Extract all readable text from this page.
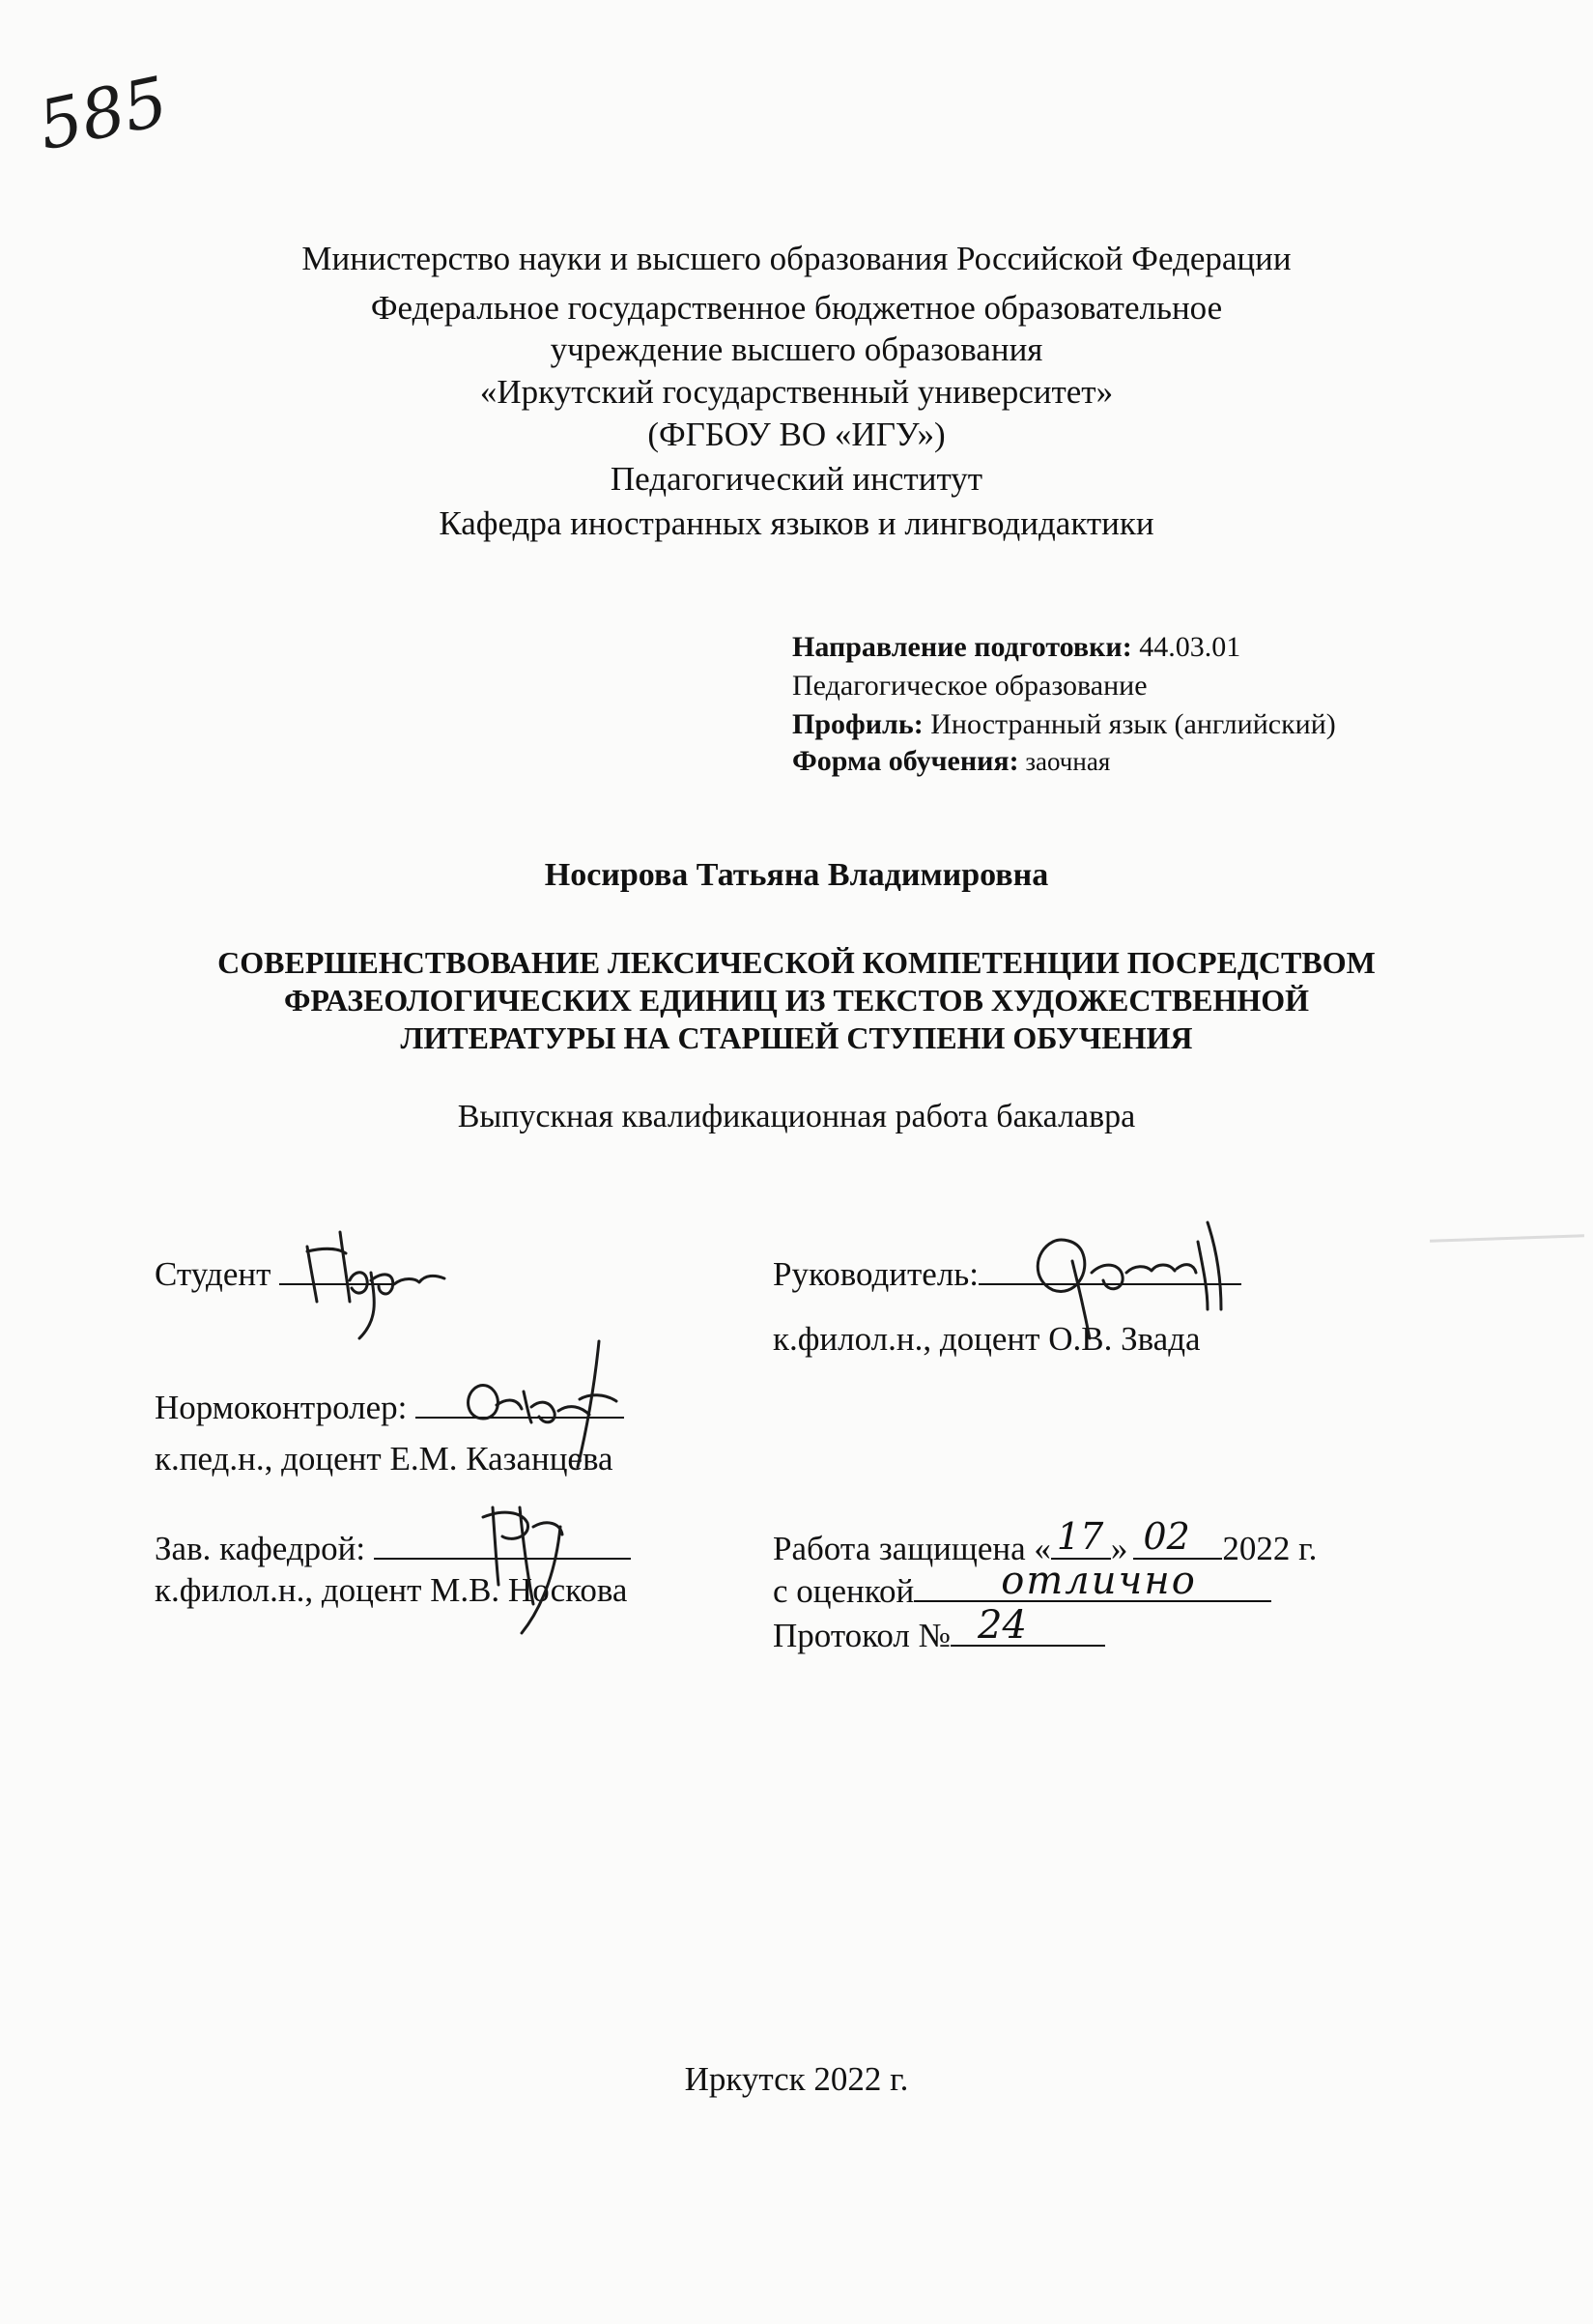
585
Министерство науки и высшего образования Российской Федерации
Федеральное государственное бюджетное образовательное
учреждение высшего образования
«Иркутский государственный университет»
(ФГБОУ ВО «ИГУ»)
Педагогический институт
Кафедра иностранных языков и лингводидактики
Направление подготовки: 44.03.01
Педагогическое образование
Профиль: Иностранный язык (английский)
Форма обучения: заочная
Носирова Татьяна Владимировна
СОВЕРШЕНСТВОВАНИЕ ЛЕКСИЧЕСКОЙ КОМПЕТЕНЦИИ ПОСРЕДСТВОМ
ФРАЗЕОЛОГИЧЕСКИХ ЕДИНИЦ ИЗ ТЕКСТОВ ХУДОЖЕСТВЕННОЙ
ЛИТЕРАТУРЫ НА СТАРШЕЙ СТУПЕНИ ОБУЧЕНИЯ
Выпускная квалификационная работа бакалавра
Студент	Руководитель:
к.филол.н., доцент О.В. Звада
Нормоконтролер:
к.пед.н., доцент Е.М. Казанцева
Зав. кафедрой:
к.филол.н., доцент М.В. Носкова
Работа защищена « 17 » 02 2022 г.
с оценкой отлично
Протокол № 24
Иркутск 2022 г.
